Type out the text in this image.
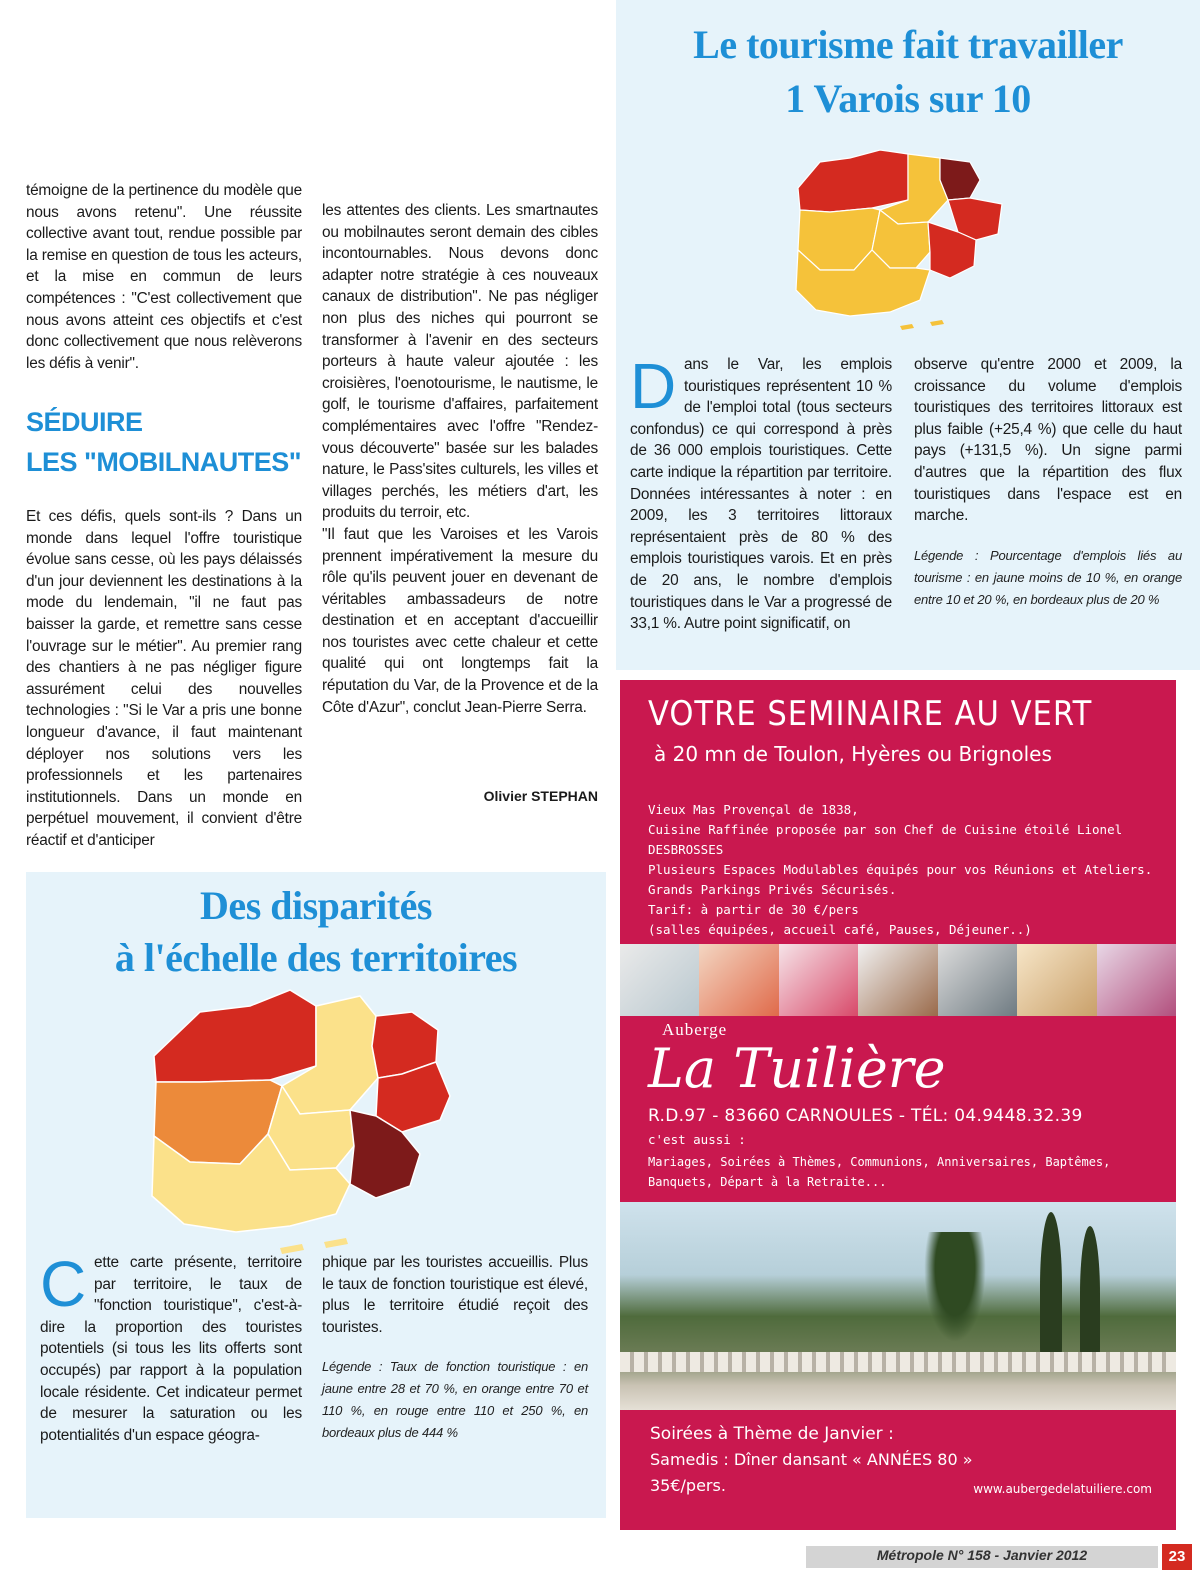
témoigne de la pertinence du modèle que nous avons retenu". Une réussite collective avant tout, rendue possible par la remise en question de tous les acteurs, et la mise en commun de leurs compétences : "C'est collectivement que nous avons atteint ces objectifs et c'est donc collectivement que nous relèverons les défis à venir".

SÉDUIRE
LES "MOBILNAUTES"

Et ces défis, quels sont-ils ? Dans un monde dans lequel l'offre touristique évolue sans cesse, où les pays délaissés d'un jour deviennent les destinations à la mode du lendemain, "il ne faut pas baisser la garde, et remettre sans cesse l'ouvrage sur le métier". Au premier rang des chantiers à ne pas négliger figure assurément celui des nouvelles technologies : "Si le Var a pris une bonne longueur d'avance, il faut maintenant déployer nos solutions vers les professionnels et les partenaires institutionnels. Dans un monde en perpétuel mouvement, il convient d'être réactif et d'anticiper

les attentes des clients. Les smartnautes ou mobilnautes seront demain des cibles incontournables. Nous devons donc adapter notre stratégie à ces nouveaux canaux de distribution". Ne pas négliger non plus des niches qui pourront se transformer à l'avenir en des secteurs porteurs à haute valeur ajoutée : les croisières, l'oenotourisme, le nautisme, le golf, le tourisme d'affaires, parfaitement complémentaires avec l'offre "Rendez-vous découverte" basée sur les balades nature, le Pass'sites culturels, les villes et villages perchés, les métiers d'art, les produits du terroir, etc.

"Il faut que les Varoises et les Varois prennent impérativement la mesure du rôle qu'ils peuvent jouer en devenant de véritables ambassadeurs de notre destination et en acceptant d'accueillir nos touristes avec cette chaleur et cette qualité qui ont longtemps fait la réputation du Var, de la Provence et de la Côte d'Azur", conclut Jean-Pierre Serra.

Olivier STEPHAN
Le tourisme fait travailler
1 Varois sur 10
D ans le Var, les emplois touristiques représentent 10 % de l'emploi total (tous secteurs confondus) ce qui correspond à près de 36 000 emplois touristiques. Cette carte indique la répartition par territoire. Données intéressantes à noter : en 2009, les 3 territoires littoraux représentaient près de 80 % des emplois touristiques varois. Et en près de 20 ans, le nombre d'emplois touristiques dans le Var a progressé de 33,1 %. Autre point significatif, on

observe qu'entre 2000 et 2009, la croissance du volume d'emplois touristiques des territoires littoraux est plus faible (+25,4 %) que celle du haut pays (+131,5 %). Un signe parmi d'autres que la répartition des flux touristiques dans l'espace est en marche.

Légende : Pourcentage d'emplois liés au tourisme : en jaune moins de 10 %, en orange entre 10 et 20 %, en bordeaux plus de 20 %

Des disparités
à l'échelle des territoires
C ette carte présente, territoire par territoire, le taux de "fonction touristique", c'est-à-dire la proportion des touristes potentiels (si tous les lits offerts sont occupés) par rapport à la population locale résidente. Cet indicateur permet de mesurer la saturation ou les potentialités d'un espace géogra-

phique par les touristes accueillis. Plus le taux de fonction touristique est élevé, plus le territoire étudié reçoit des touristes.

Légende : Taux de fonction touristique : en jaune entre 28 et 70 %, en orange entre 70 et 110 %, en rouge entre 110 et 250 %, en bordeaux plus de 444 %

VOTRE SEMINAIRE AU VERT
à 20 mn de Toulon, Hyères ou Brignoles
Vieux Mas Provençal de 1838,
Cuisine Raffinée proposée par son Chef de Cuisine étoilé Lionel DESBROSSES
Plusieurs Espaces Modulables équipés pour vos Réunions et Ateliers.
Grands Parkings Privés Sécurisés.
Tarif: à partir de 30 €/pers
(salles équipées, accueil café, Pauses, Déjeuner..)
Auberge
La Tuilière
R.D.97 - 83660 CARNOULES - TÉL: 04.9448.32.39
c'est aussi :
Mariages, Soirées à Thèmes, Communions, Anniversaires, Baptêmes,
Banquets, Départ à la Retraite...
Soirées à Thème de Janvier :
Samedis : Dîner dansant « ANNÉES 80 »
35€/pers.	www.aubergedelatuiliere.com
Métropole N° 158 - Janvier 2012	23
